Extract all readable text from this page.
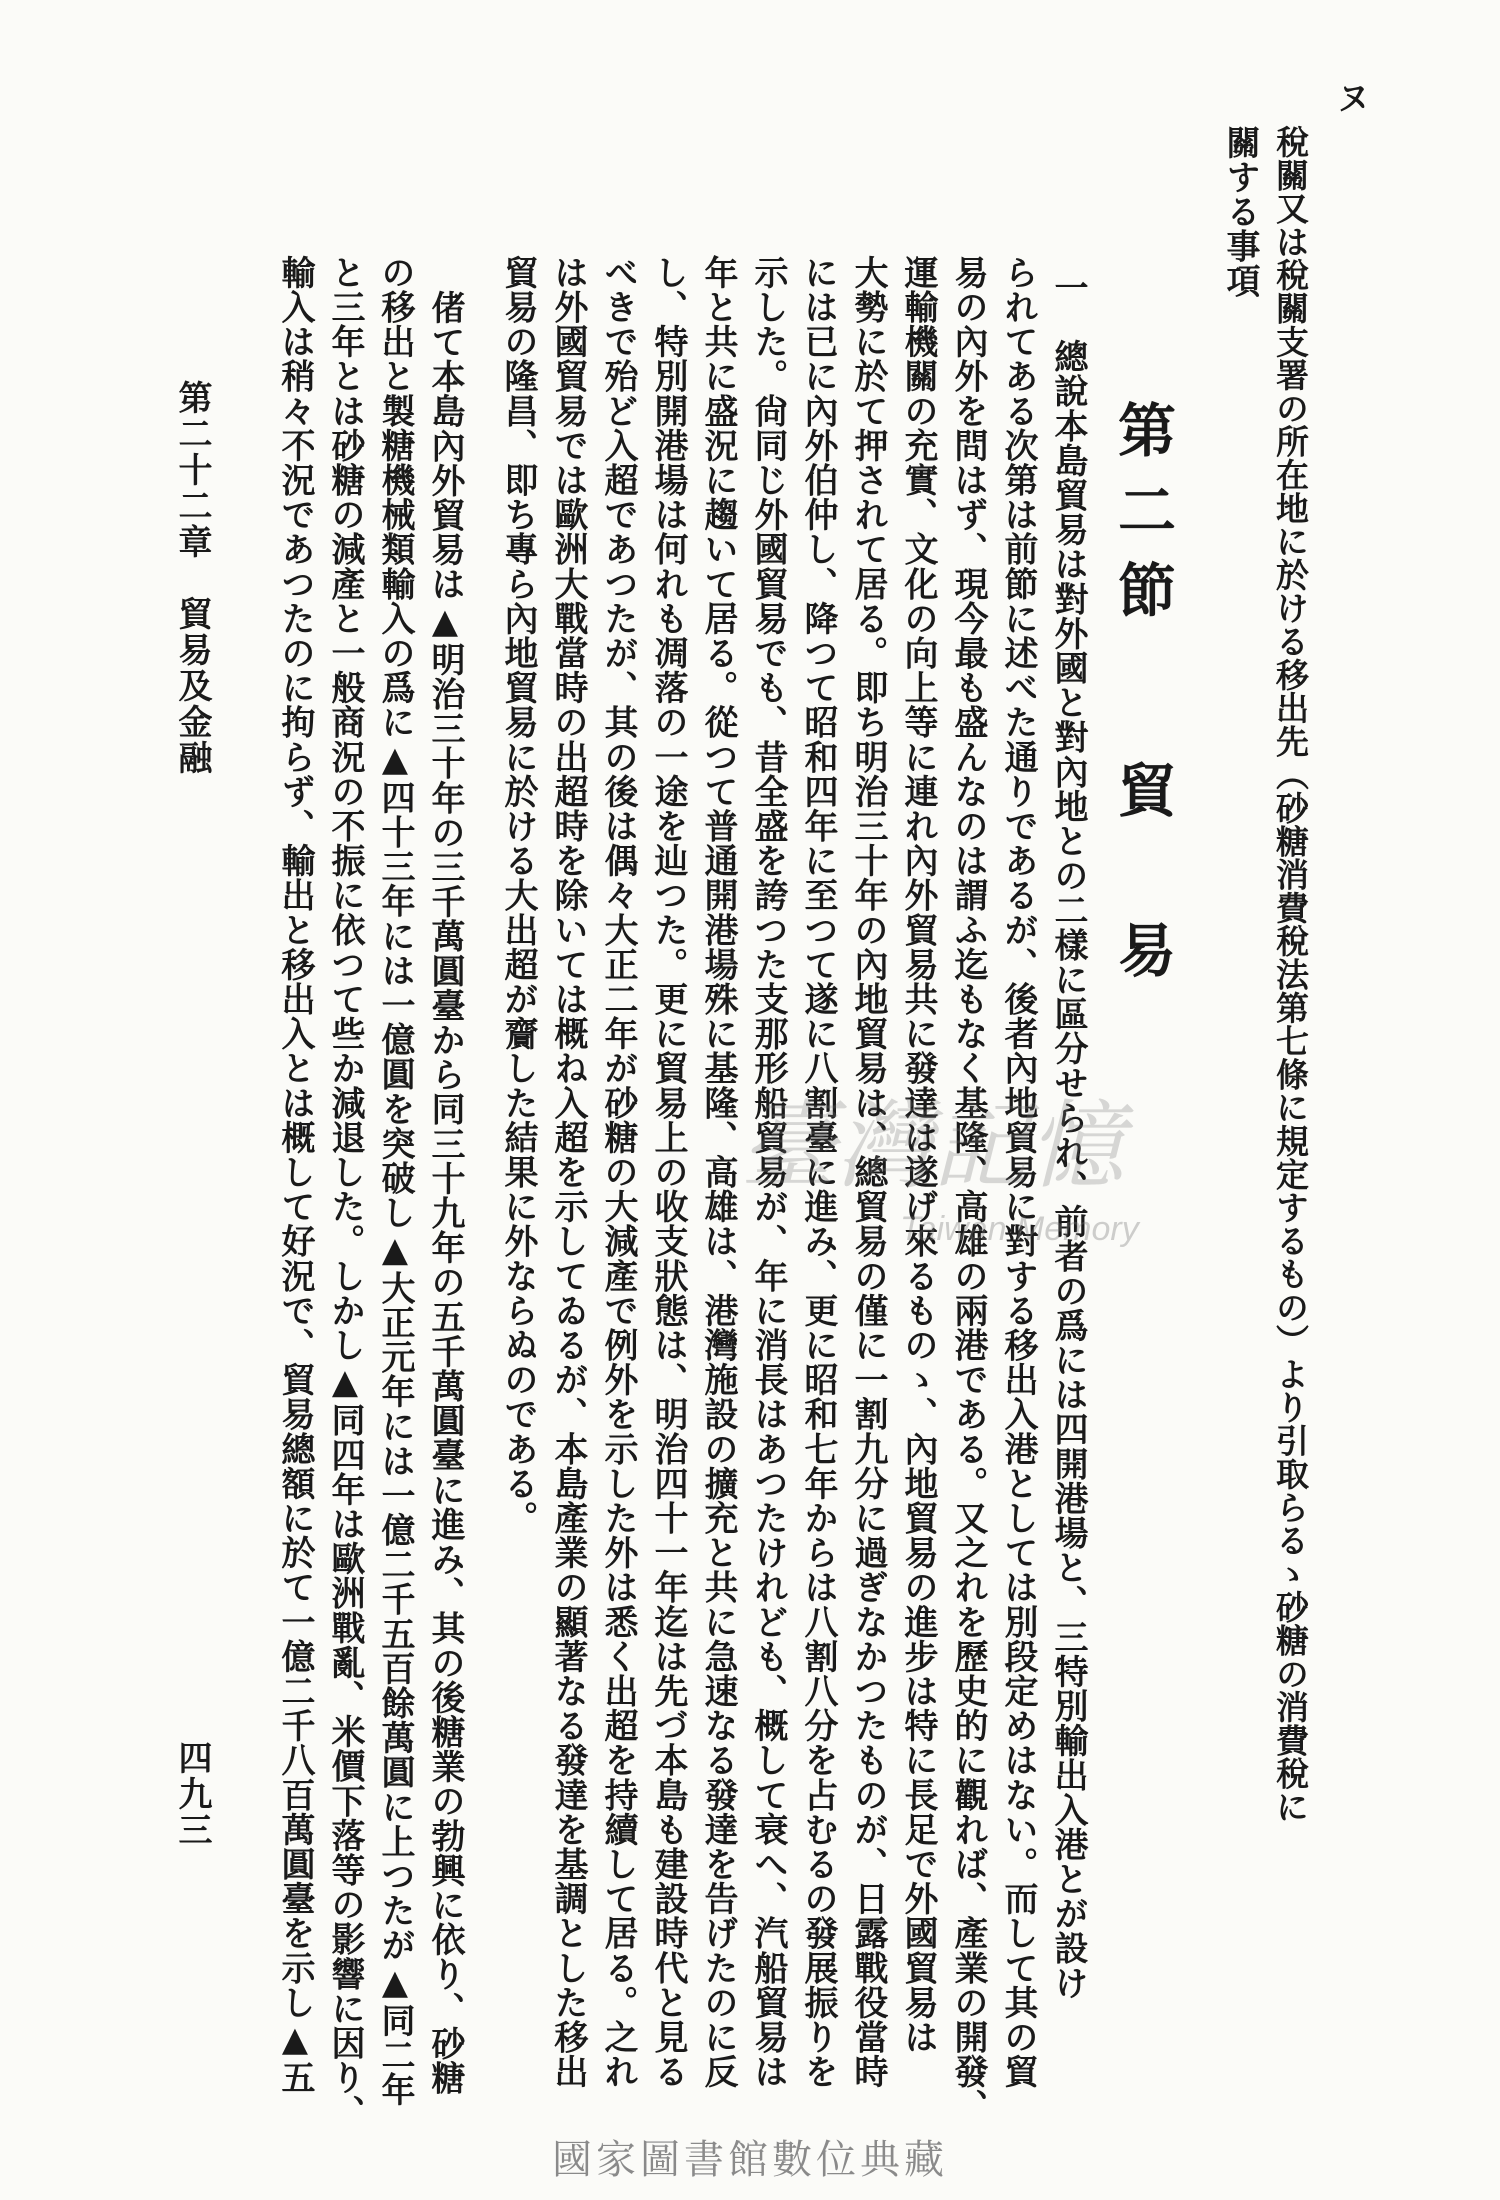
ヌ
稅關又は稅關支署の所在地に於ける移出先（砂糖消費稅法第七條に規定するもの）より引取らるゝ砂糖の消費稅に
關する事項
第二節貿　易
一　總說本島貿易は對外國と對內地との二樣に區分せられ、前者の爲には四開港場と、三特別輸出入港とが設け
られてある次第は前節に述べた通りであるが、後者內地貿易に對する移出入港としては別段定めはない。而して其の貿
易の內外を問はず、現今最も盛んなのは謂ふ迄もなく基隆、高雄の兩港である。又之れを歷史的に觀れば、產業の開發、
運輸機關の充實、文化の向上等に連れ內外貿易共に發達は遂げ來るものゝ、內地貿易の進步は特に長足で外國貿易は
大勢に於て押されて居る。即ち明治三十年の內地貿易は、總貿易の僅に一割九分に過ぎなかつたものが、日露戰役當時
には已に內外伯仲し、降つて昭和四年に至つて遂に八割臺に進み、更に昭和七年からは八割八分を占むるの發展振りを
示した。尙同じ外國貿易でも、昔全盛を誇つた支那形船貿易が、年に消長はあつたけれども、概して衰へ、汽船貿易は
年と共に盛況に趨いて居る。從つて普通開港場殊に基隆、高雄は、港灣施設の擴充と共に急速なる發達を告げたのに反
し、特別開港場は何れも凋落の一途を辿つた。更に貿易上の收支狀態は、明治四十一年迄は先づ本島も建設時代と見る
べきで殆ど入超であつたが、其の後は偶々大正二年が砂糖の大減產で例外を示した外は悉く出超を持續して居る。之れ
は外國貿易では歐洲大戰當時の出超時を除いては概ね入超を示してゐるが、本島產業の顯著なる發達を基調とした移出
貿易の隆昌、即ち專ら內地貿易に於ける大出超が齎した結果に外ならぬのである。
偖て本島內外貿易は▲明治三十年の三千萬圓臺から同三十九年の五千萬圓臺に進み、其の後糖業の勃興に依り、砂糖
の移出と製糖機械類輸入の爲に▲四十三年には一億圓を突破し▲大正元年には一億二千五百餘萬圓に上つたが▲同二年
と三年とは砂糖の減產と一般商況の不振に依つて些か減退した。しかし▲同四年は歐洲戰亂、米價下落等の影響に因り、
輸入は稍々不況であつたのに拘らず、輸出と移出入とは概して好況で、貿易總額に於て一億二千八百萬圓臺を示し▲五
第二十二章　貿易及金融
四九三
臺灣記憶
Taiwan Memory
國家圖書館數位典藏
